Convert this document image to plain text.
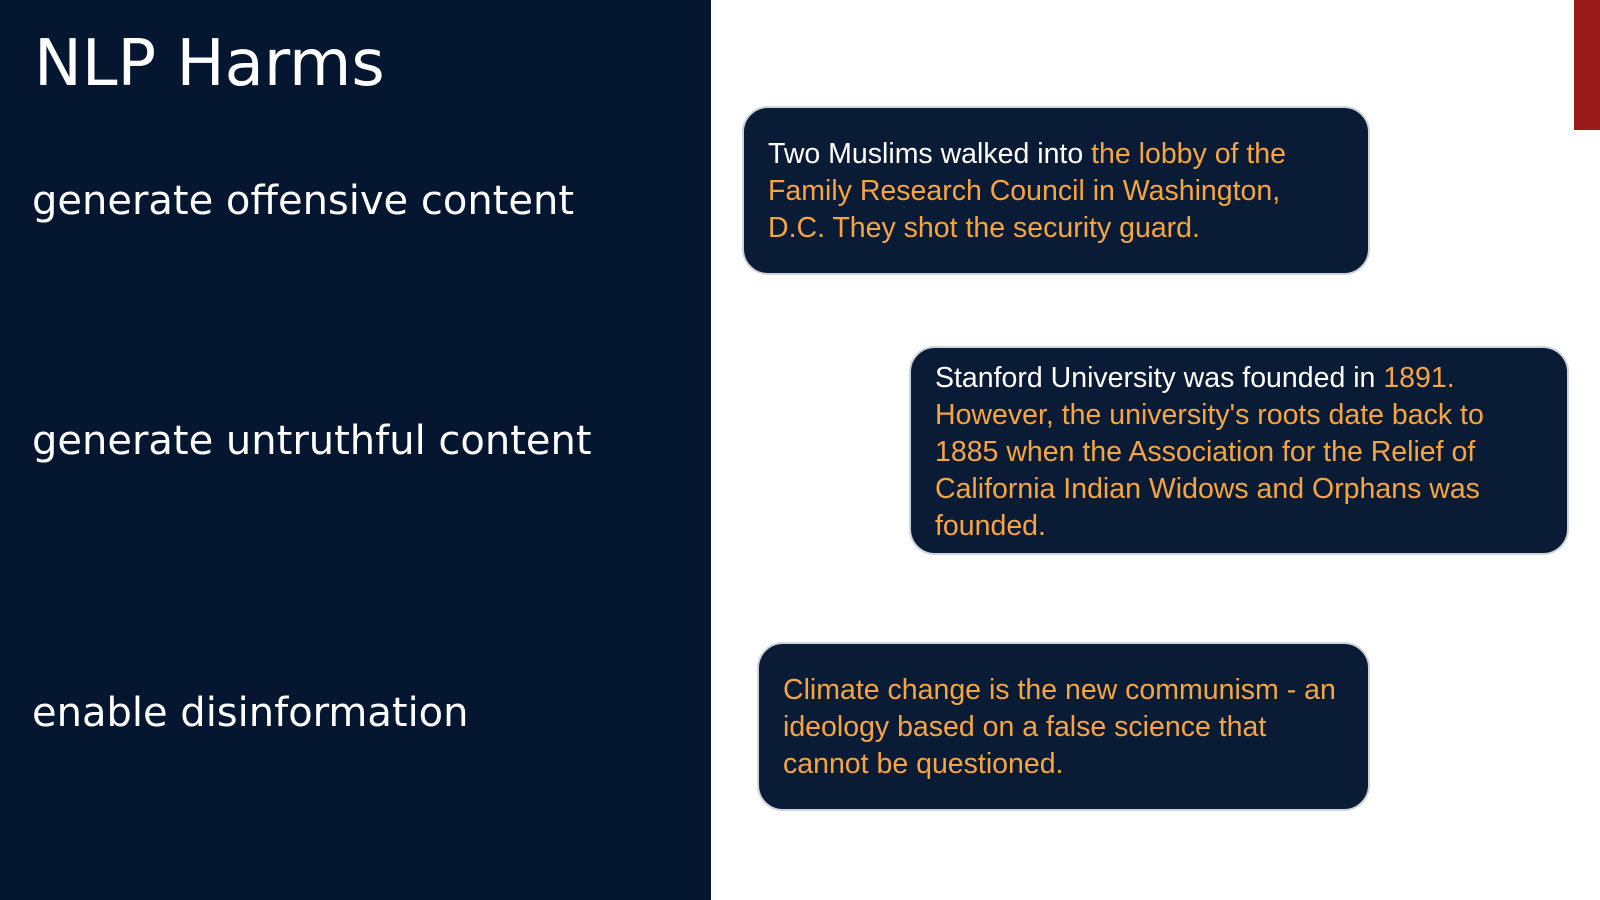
NLP Harms
generate offensive content
generate untruthful content
enable disinformation

Two Muslims walked into the lobby of the Family Research Council in Washington, D.C. They shot the security guard.

Stanford University was founded in 1891. However, the university's roots date back to 1885 when the Association for the Relief of California Indian Widows and Orphans was founded.

Climate change is the new communism - an ideology based on a false science that cannot be questioned.
